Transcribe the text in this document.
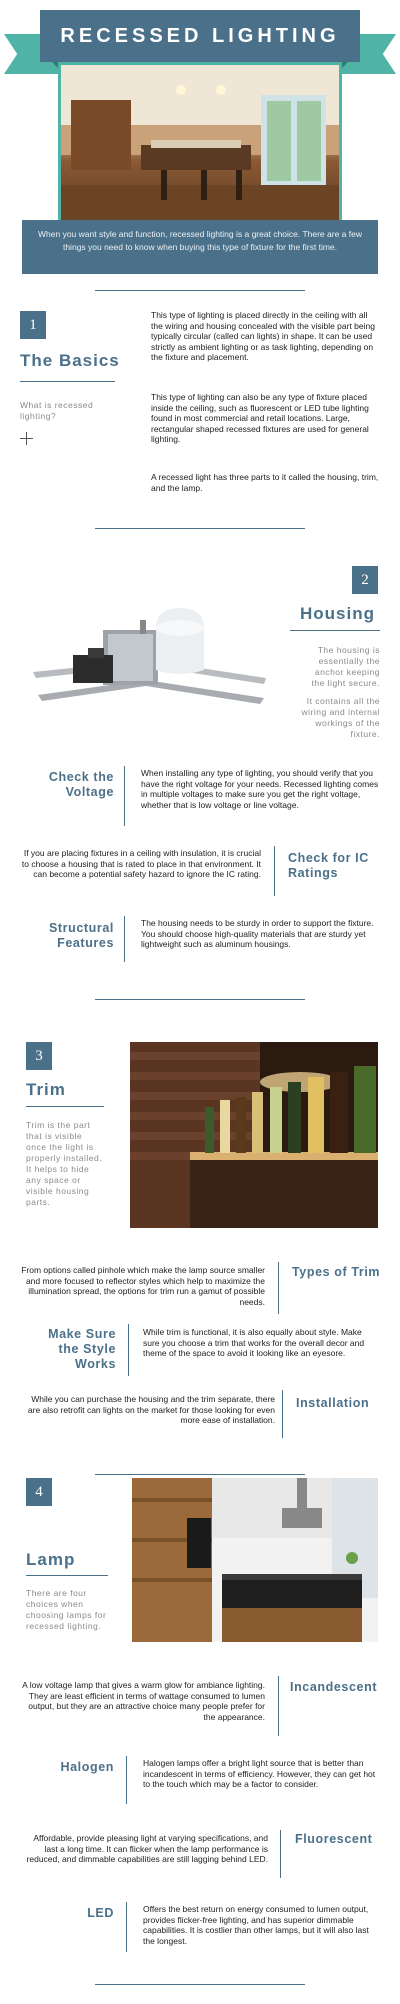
RECESSED LIGHTING
When you want style and function, recessed lighting is a great choice. There are a few things you need to know when buying this type of fixture for the first time.
1
The Basics
What is recessed lighting?
This type of lighting is placed directly in the ceiling with all the wiring and housing concealed with the visible part being typically circular (called can lights) in shape. It can be used strictly as ambient lighting or as task lighting, depending on the fixture and placement.
This type of lighting can also be any type of fixture placed inside the ceiling, such as fluorescent or LED tube lighting found in most commercial and retail locations. Large, rectangular shaped recessed fixtures are used for general lighting.
A recessed light has three parts to it called the housing, trim, and the lamp.
2
Housing
The housing is essentially the anchor keeping the light secure.
It contains all the wiring and internal workings of the fixture.
Check the Voltage
When installing any type of lighting, you should verify that you have the right voltage for your needs. Recessed lighting comes in multiple voltages to make sure you get the right voltage, whether that is low voltage or line voltage.
If you are placing fixtures in a ceiling with insulation, it is crucial to choose a housing that is rated to place in that environment. It can become a potential safety hazard to ignore the IC rating.
Check for IC Ratings
Structural Features
The housing needs to be sturdy in order to support the fixture. You should choose high-quality materials that are sturdy yet lightweight such as aluminum housings.
3
Trim
Trim is the part that is visible once the light is properly installed. It helps to hide any space or visible housing parts.
From options called pinhole which make the lamp source smaller and more focused to reflector styles which help to maximize the illumination spread, the options for trim run a gamut of possible needs.
Types of Trim
Make Sure the Style Works
While trim is functional, it is also equally about style. Make sure you choose a trim that works for the overall decor and theme of the space to avoid it looking like an eyesore.
While you can purchase the housing and the trim separate, there are also retrofit can lights on the market for those looking for even more ease of installation.
Installation
4
Lamp
There are four choices when choosing lamps for recessed lighting.
A low voltage lamp that gives a warm glow for ambiance lighting. They are least efficient in terms of wattage consumed to lumen output, but they are an attractive choice many people prefer for the appearance.
Incandescent
Halogen	Halogen lamps offer a bright light source that is better than incandescent in terms of efficiency. However, they can get hot to the touch which may be a factor to consider.
Affordable, provide pleasing light at varying specifications, and last a long time. It can flicker when the lamp performance is reduced, and dimmable capabilities are still lagging behind LED.
Fluorescent
LED	Offers the best return on energy consumed to lumen output, provides flicker-free lighting, and has superior dimmable capabilities. It is costlier than other lamps, but it will also last the longest.
